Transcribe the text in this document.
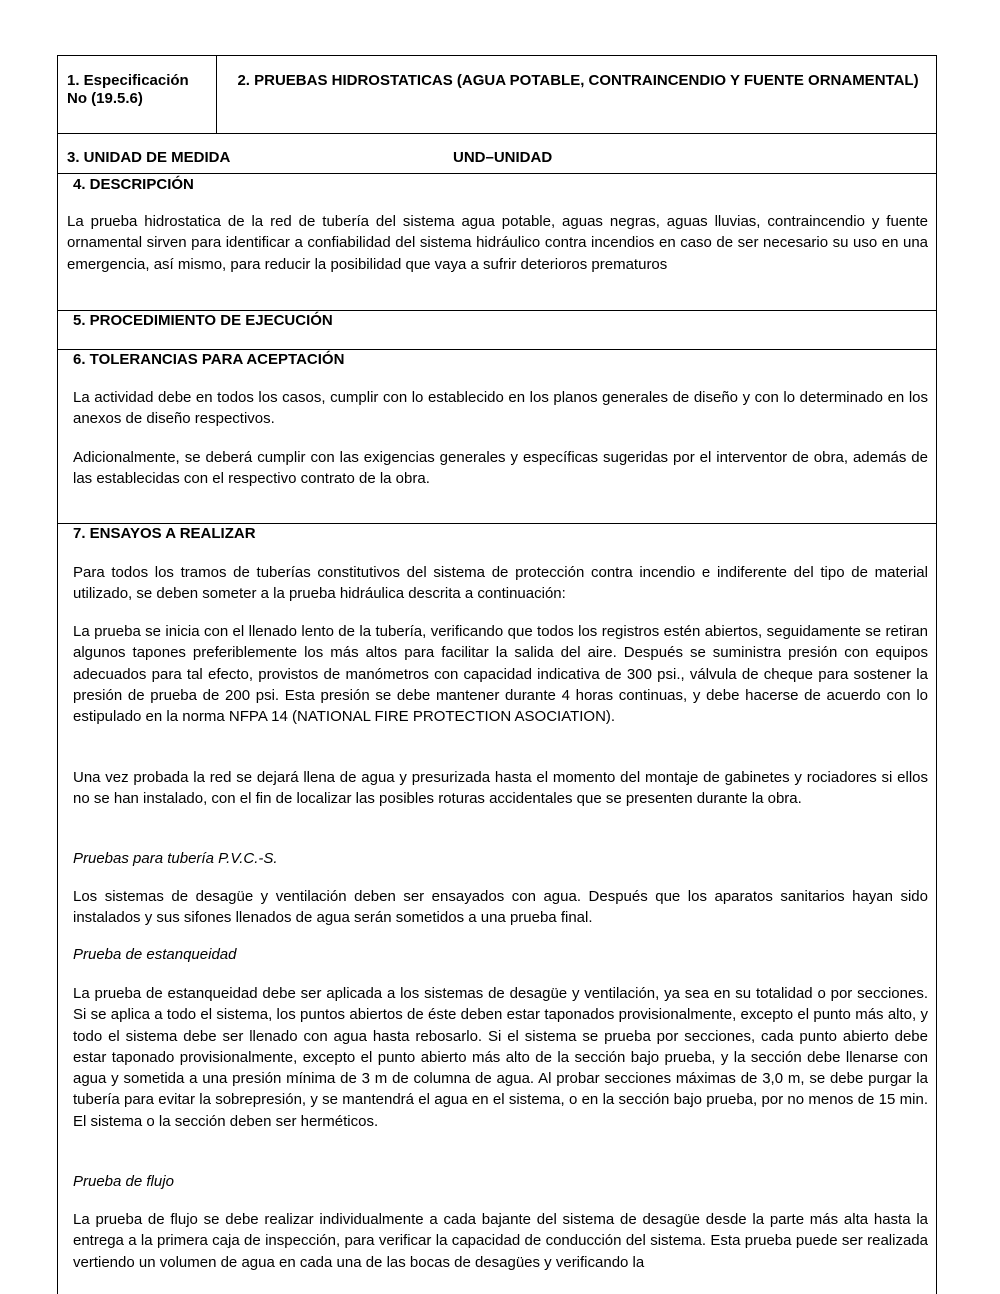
1. Especificación No (19.5.6)
2. PRUEBAS HIDROSTATICAS (AGUA POTABLE, CONTRAINCENDIO Y FUENTE ORNAMENTAL)
3. UNIDAD DE MEDIDA	UND–UNIDAD
4. DESCRIPCIÓN

La prueba hidrostatica de la red de tubería del sistema agua potable, aguas negras, aguas lluvias, contraincendio y fuente ornamental sirven para identificar a confiabilidad del sistema hidráulico contra incendios en caso de ser necesario su uso en una emergencia, así mismo, para reducir la posibilidad que vaya a sufrir deterioros prematuros

5. PROCEDIMIENTO DE EJECUCIÓN
6. TOLERANCIAS PARA ACEPTACIÓN

La actividad debe en todos los casos, cumplir con lo establecido en los planos generales de diseño y con lo determinado en los anexos de diseño respectivos.

Adicionalmente, se deberá cumplir con las exigencias generales y específicas sugeridas por el interventor de obra, además de las establecidas con el respectivo contrato de la obra.

7. ENSAYOS A REALIZAR

Para todos los tramos de tuberías constitutivos del sistema de protección contra incendio e indiferente del tipo de material utilizado, se deben someter a la prueba hidráulica descrita a continuación:

La prueba se inicia con el llenado lento de la tubería, verificando que todos los registros estén abiertos, seguidamente se retiran algunos tapones preferiblemente los más altos para facilitar la salida del aire. Después se suministra presión con equipos adecuados para tal efecto, provistos de manómetros con capacidad indicativa de 300 psi., válvula de cheque para sostener la presión de prueba de 200 psi. Esta presión se debe mantener durante 4 horas continuas, y debe hacerse de acuerdo con lo estipulado en la norma NFPA 14 (NATIONAL FIRE PROTECTION ASOCIATION).

Una vez probada la red se dejará llena de agua y presurizada hasta el momento del montaje de gabinetes y rociadores si ellos no se han instalado, con el fin de localizar las posibles roturas accidentales que se presenten durante la obra.

Pruebas para tubería P.V.C.-S.

Los sistemas de desagüe y ventilación deben ser ensayados con agua. Después que los aparatos sanitarios hayan sido instalados y sus sifones llenados de agua serán sometidos a una prueba final.

Prueba de estanqueidad

La prueba de estanqueidad debe ser aplicada a los sistemas de desagüe y ventilación, ya sea en su totalidad o por secciones. Si se aplica a todo el sistema, los puntos abiertos de éste deben estar taponados provisionalmente, excepto el punto más alto, y todo el sistema debe ser llenado con agua hasta rebosarlo. Si el sistema se prueba por secciones, cada punto abierto debe estar taponado provisionalmente, excepto el punto abierto más alto de la sección bajo prueba, y la sección debe llenarse con agua y sometida a una presión mínima de 3 m de columna de agua. Al probar secciones máximas de 3,0 m, se debe purgar la tubería para evitar la sobrepresión, y se mantendrá el agua en el sistema, o en la sección bajo prueba, por no menos de 15 min. El sistema o la sección deben ser herméticos.

Prueba de flujo

La prueba de flujo se debe realizar individualmente a cada bajante del sistema de desagüe desde la parte más alta hasta la entrega a la primera caja de inspección, para verificar la capacidad de conducción del sistema. Esta prueba puede ser realizada vertiendo un volumen de agua en cada una de las bocas de desagües y verificando la
